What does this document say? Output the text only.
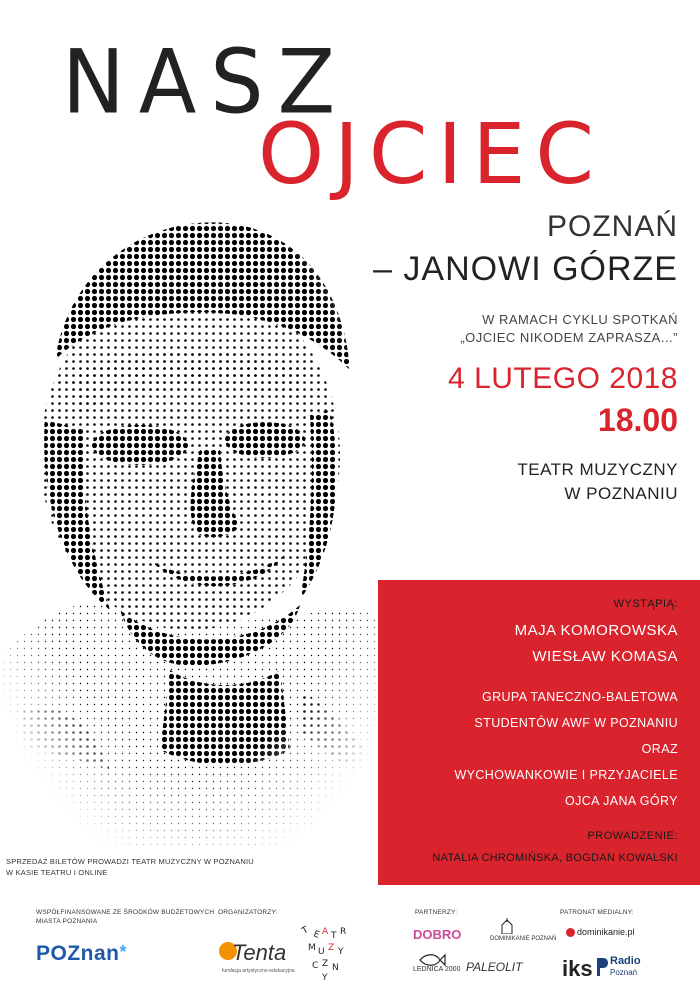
NASZ
OJCIEC
POZNAŃ
– JANOWI GÓRZE
W RAMACH CYKLU SPOTKAŃ
„OJCIEC NIKODEM ZAPRASZA...”
4 LUTEGO 2018
18.00
TEATR MUZYCZNY
W POZNANIU
WYSTĄPIĄ:
MAJA KOMOROWSKA
WIESŁAW KOMASA
GRUPA TANECZNO-BALETOWA
STUDENTÓW AWF W POZNANIU
ORAZ
WYCHOWANKOWIE I PRZYJACIELE
OJCA JANA GÓRY
PROWADZENIE:
NATALIA CHROMIŃSKA, BOGDAN KOWALSKI
SPRZEDAŻ BILETÓW PROWADZI TEATR MUZYCZNY W POZNANIU
W KASIE TEATRU I ONLINE
WSPÓŁFINANSOWANE ZE ŚRODKÓW BUDŻETOWYCH
MIASTA POZNANIA
ORGANIZATORZY:	PARTNERZY:	PATRONAT MEDIALNY:
POZnan*	Tenta
fundacja artystyczno-edukacyjna
T E A T R
M U Z Y
C Z N
Y
DOBRO	DOMINIKANIE POZNAŃ
LEDNICA 2000 PALEOLIT
dominikanie.pl
iks Radio
Poznań
